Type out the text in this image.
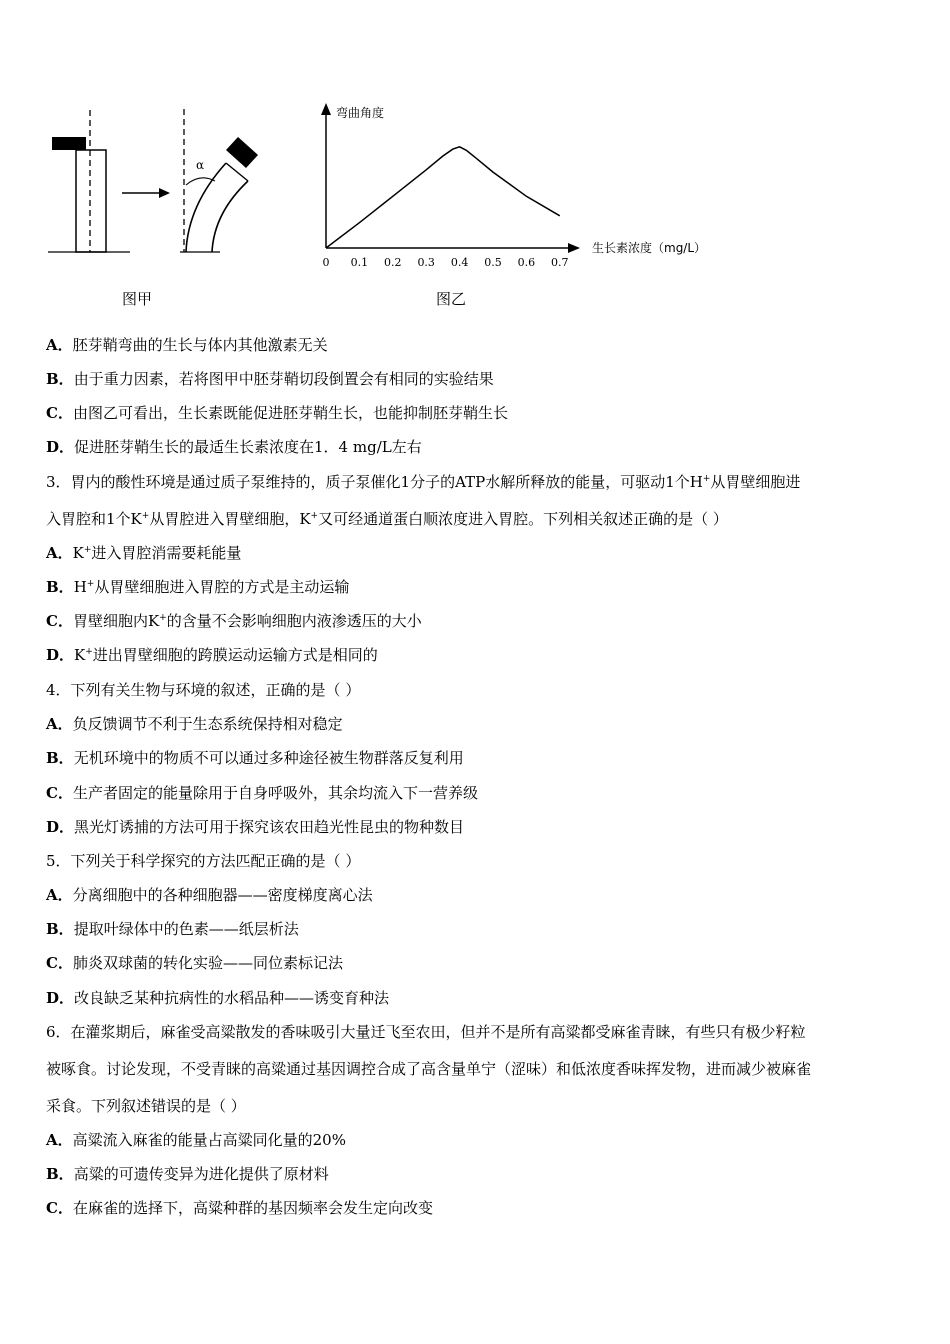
α
弯曲角度
生长素浓度（mg/L）
0 0.1 0.2 0.3 0.4 0.5 0.6 0.7
图甲	图乙
A．胚芽鞘弯曲的生长与体内其他激素无关
B．由于重力因素，若将图甲中胚芽鞘切段倒置会有相同的实验结果
C．由图乙可看出，生长素既能促进胚芽鞘生长，也能抑制胚芽鞘生长
D．促进胚芽鞘生长的最适生长素浓度在1．4 mg/L左右
3．胃内的酸性环境是通过质子泵维持的，质子泵催化1分子的ATP水解所释放的能量，可驱动1个H+从胃壁细胞进
入胃腔和1个K+从胃腔进入胃壁细胞，K+又可经通道蛋白顺浓度进入胃腔。下列相关叙述正确的是（ ）
A．K+进入胃腔消需要耗能量
B．H+从胃壁细胞进入胃腔的方式是主动运输
C．胃壁细胞内K+的含量不会影响细胞内液渗透压的大小
D．K+进出胃壁细胞的跨膜运动运输方式是相同的
4．下列有关生物与环境的叙述，正确的是（ ）
A．负反馈调节不利于生态系统保持相对稳定
B．无机环境中的物质不可以通过多种途径被生物群落反复利用
C．生产者固定的能量除用于自身呼吸外，其余均流入下一营养级
D．黑光灯诱捕的方法可用于探究该农田趋光性昆虫的物种数目
5．下列关于科学探究的方法匹配正确的是（ ）
A．分离细胞中的各种细胞器——密度梯度离心法
B．提取叶绿体中的色素——纸层析法
C．肺炎双球菌的转化实验——同位素标记法
D．改良缺乏某种抗病性的水稻品种——诱变育种法
6．在灌浆期后，麻雀受高粱散发的香味吸引大量迁飞至农田，但并不是所有高粱都受麻雀青睐，有些只有极少籽粒
被啄食。讨论发现，不受青睐的高粱通过基因调控合成了高含量单宁（涩味）和低浓度香味挥发物，进而减少被麻雀
采食。下列叙述错误的是（ ）
A．高粱流入麻雀的能量占高粱同化量的20%
B．高粱的可遗传变异为进化提供了原材料
C．在麻雀的选择下，高粱种群的基因频率会发生定向改变
